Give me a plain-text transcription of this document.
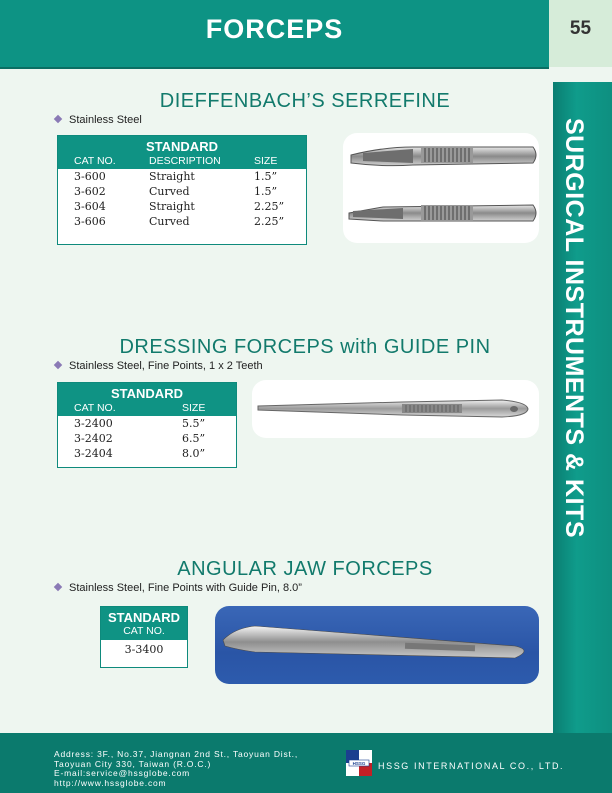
FORCEPS	55
SURGICAL INSTRUMENTS & KITS
DIEFFENBACH’S SERREFINE
Stainless Steel
STANDARD
CAT NO.	DESCRIPTION	SIZE
3-600	Straight	1.5”
3-602	Curved	1.5”
3-604	Straight	2.25”
3-606	Curved	2.25”
DRESSING FORCEPS with GUIDE PIN
Stainless Steel, Fine Points, 1 x 2 Teeth
STANDARD
CAT NO.	SIZE
3-2400	5.5”
3-2402	6.5”
3-2404	8.0”
ANGULAR JAW FORCEPS
Stainless Steel, Fine Points with Guide Pin, 8.0”
STANDARD
CAT NO.
3-3400
Address: 3F., No.37, Jiangnan 2nd St., Taoyuan Dist.,
Taoyuan City 330, Taiwan (R.O.C.)
E-mail:service@hssglobe.com
http://www.hssglobe.com
HSSG HSSG INTERNATIONAL CO., LTD.
